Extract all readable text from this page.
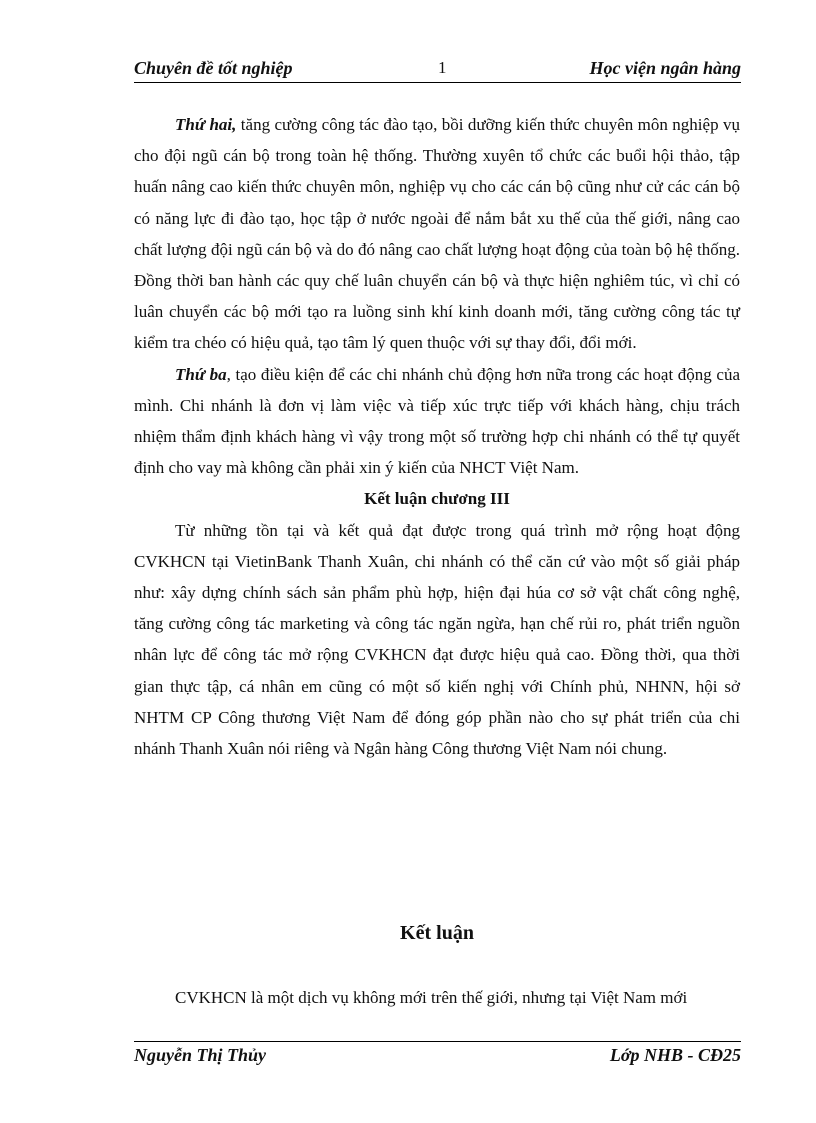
Chuyên đề tốt nghiệp	1	Học viện ngân hàng

Thứ hai, tăng cường công tác đào tạo, bồi dưỡng kiến thức chuyên môn nghiệp vụ cho đội ngũ cán bộ trong toàn hệ thống. Thường xuyên tổ chức các buổi hội thảo, tập huấn nâng cao kiến thức chuyên môn, nghiệp vụ cho các cán bộ cũng như cử các cán bộ có năng lực đi đào tạo, học tập ở nước ngoài để nắm bắt xu thế của thế giới, nâng cao chất lượng đội ngũ cán bộ và do đó nâng cao chất lượng hoạt động của toàn bộ hệ thống. Đồng thời ban hành các quy chế luân chuyển cán bộ và thực hiện nghiêm túc, vì chỉ có luân chuyển các bộ mới tạo ra luồng sinh khí kinh doanh mới, tăng cường công tác tự kiểm tra chéo có hiệu quả, tạo tâm lý quen thuộc với sự thay đổi, đổi mới.

Thứ ba, tạo điều kiện để các chi nhánh chủ động hơn nữa trong các hoạt động của mình. Chi nhánh là đơn vị làm việc và tiếp xúc trực tiếp với khách hàng, chịu trách nhiệm thẩm định khách hàng vì vậy trong một số trường hợp chi nhánh có thể tự quyết định cho vay mà không cần phải xin ý kiến của NHCT Việt Nam.

Kết luận chương III

Từ những tồn tại và kết quả đạt được trong quá trình mở rộng hoạt động CVKHCN tại VietinBank Thanh Xuân, chi nhánh có thể căn cứ vào một số giải pháp như: xây dựng chính sách sản phẩm phù hợp, hiện đại húa cơ sở vật chất công nghệ, tăng cường công tác marketing và công tác ngăn ngừa, hạn chế rủi ro, phát triển nguồn nhân lực để công tác mở rộng CVKHCN đạt được hiệu quả cao. Đồng thời, qua thời gian thực tập, cá nhân em cũng có một số kiến nghị với Chính phủ, NHNN, hội sở NHTM CP Công thương Việt Nam để đóng góp phần nào cho sự phát triển của chi nhánh Thanh Xuân nói riêng và Ngân hàng Công thương Việt Nam nói chung.

Kết luận

CVKHCN là một dịch vụ không mới trên thế giới, nhưng tại Việt Nam mới

Nguyễn Thị Thủy	Lớp NHB - CĐ25
